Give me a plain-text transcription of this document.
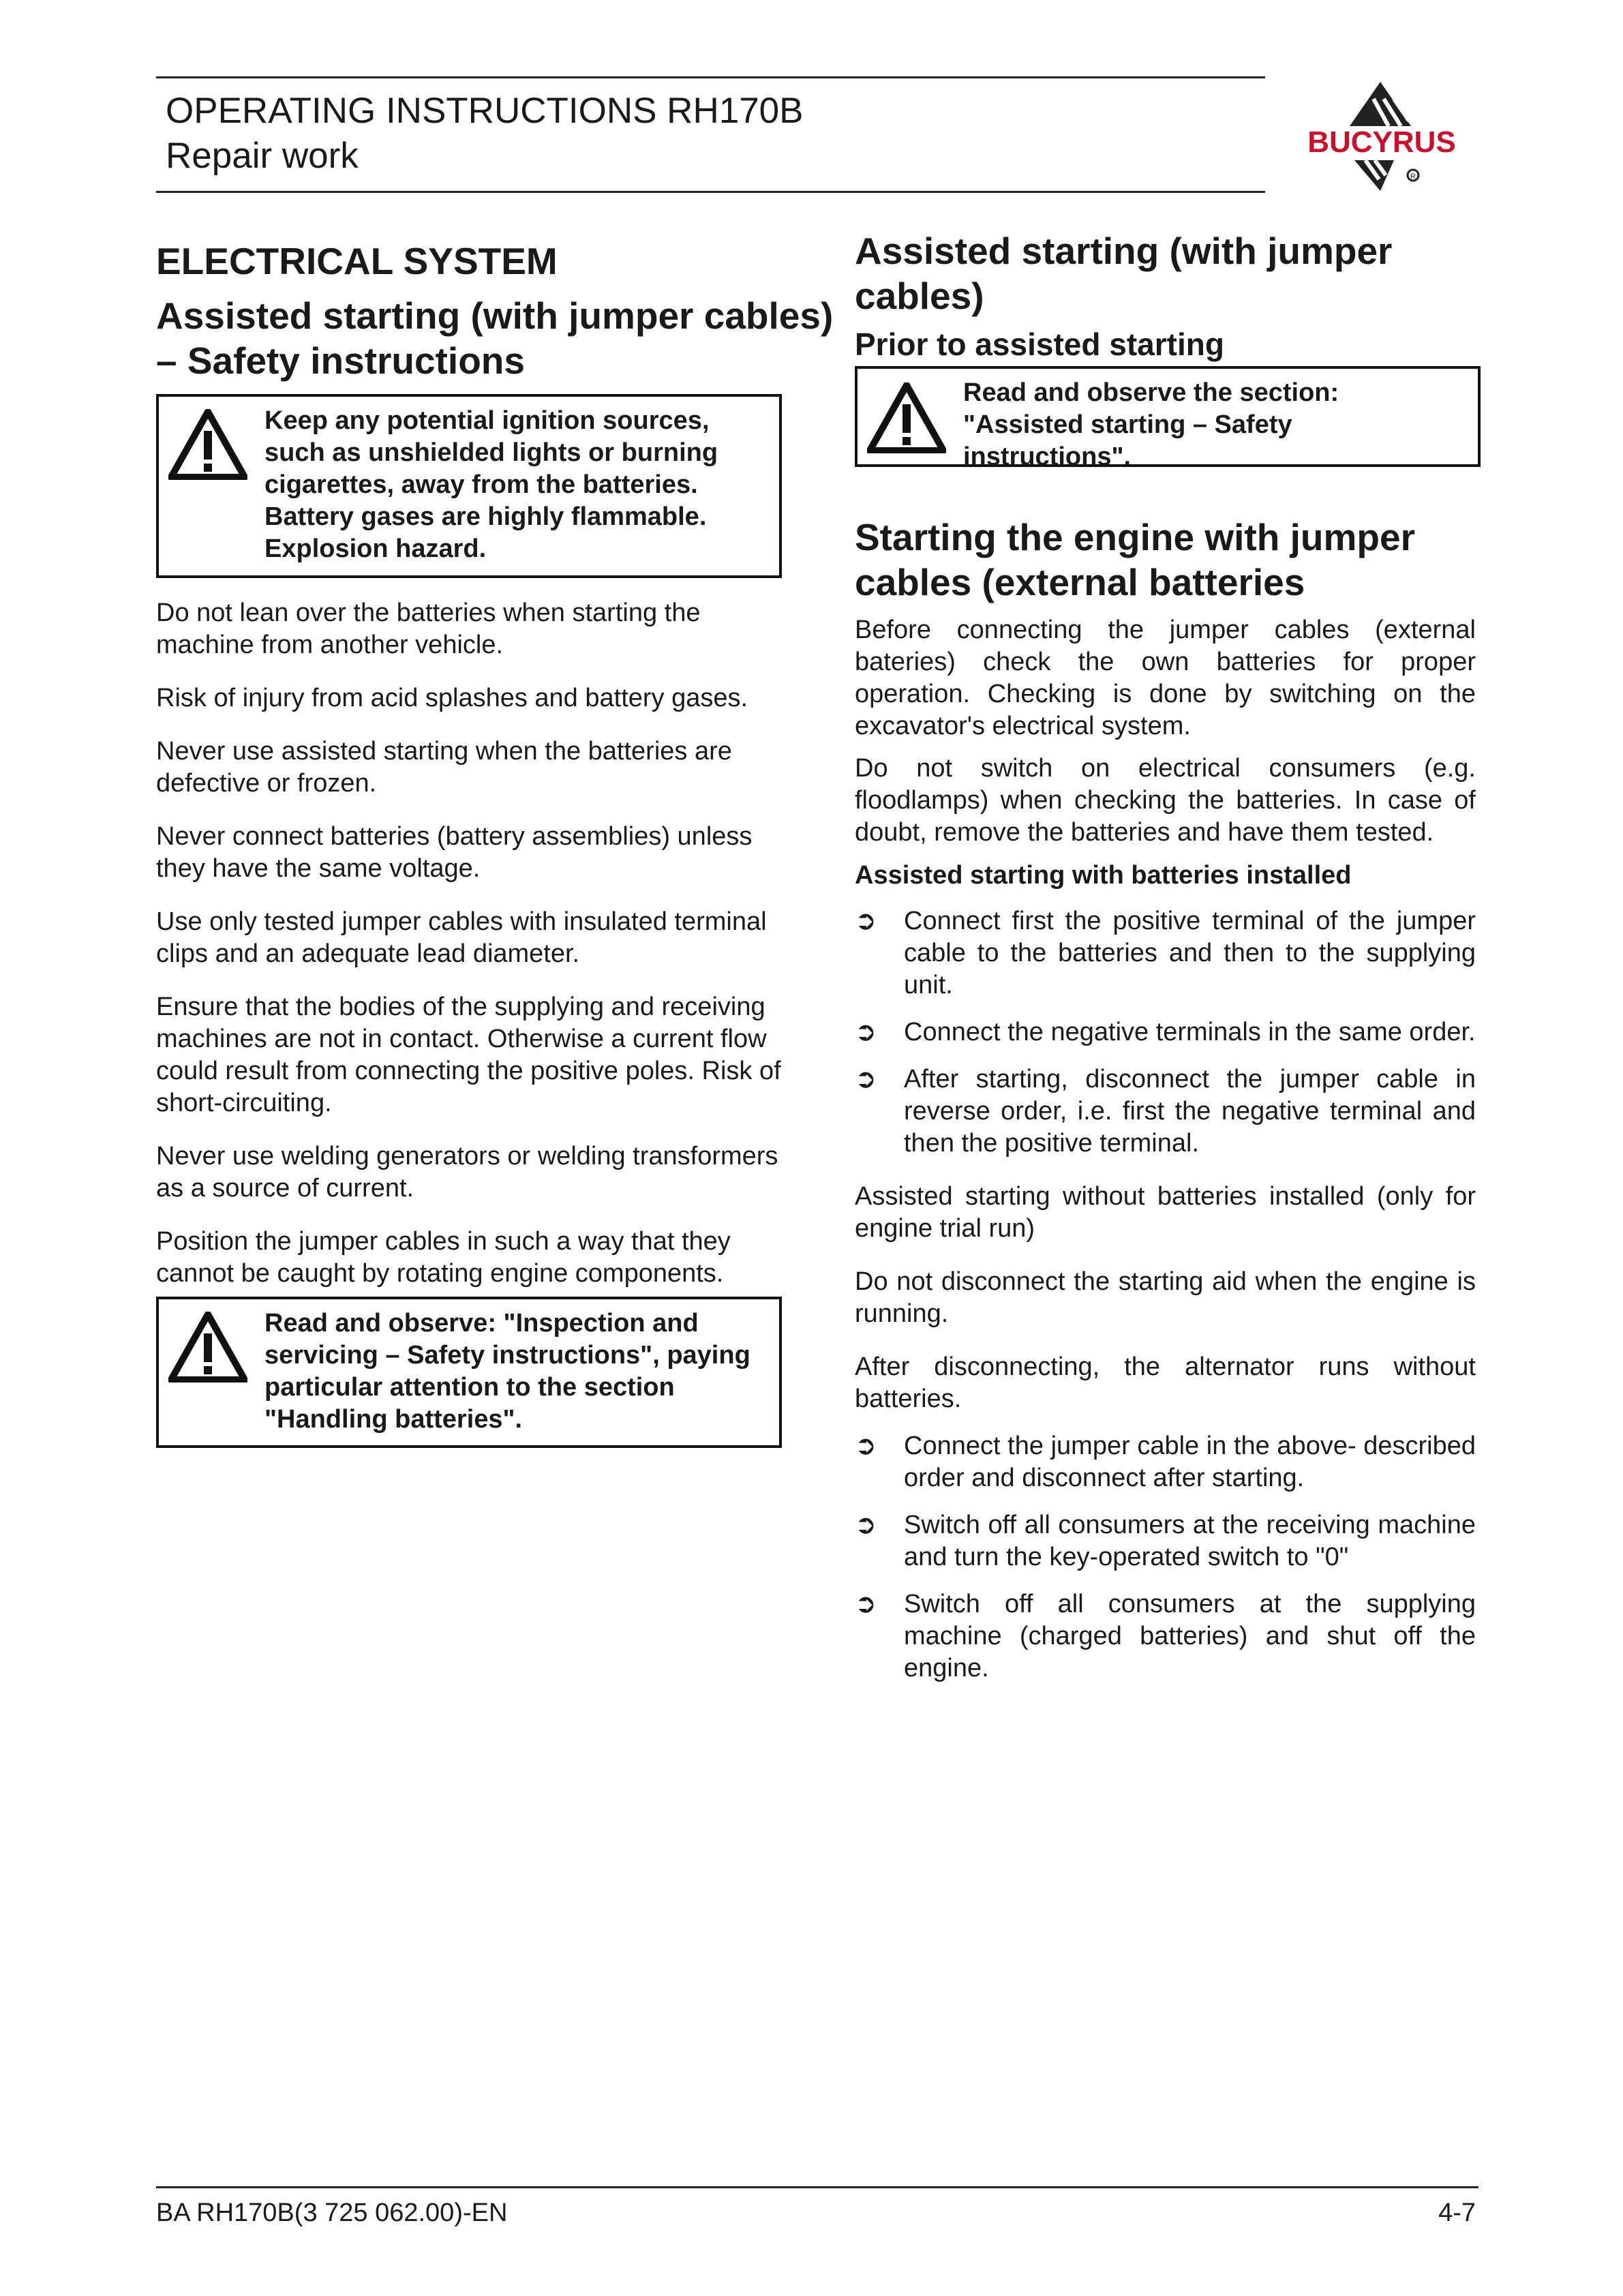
OPERATING INSTRUCTIONS RH170B
Repair work	BUCYRUS
R
ELECTRICAL SYSTEM
Assisted starting (with jumper cables) – Safety instructions
Keep any potential ignition sources, such as unshielded lights or burning cigarettes, away from the batteries. Battery gases are highly flammable. Explosion hazard.

Do not lean over the batteries when starting the machine from another vehicle.

Risk of injury from acid splashes and battery gases.

Never use assisted starting when the batteries are defective or frozen.

Never connect batteries (battery assemblies) unless they have the same voltage.

Use only tested jumper cables with insulated terminal clips and an adequate lead diameter.

Ensure that the bodies of the supplying and receiving machines are not in contact. Otherwise a current flow could result from connecting the positive poles. Risk of short-circuiting.

Never use welding generators or welding transformers as a source of current.

Position the jumper cables in such a way that they cannot be caught by rotating engine components.

Read and observe: "Inspection and servicing – Safety instructions", paying particular attention to the section "Handling batteries".
Assisted starting (with jumper cables)
Prior to assisted starting
Read and observe the section: "Assisted starting – Safety instructions".
Starting the engine with jumper cables (external batteries

Before connecting the jumper cables (external bateries) check the own batteries for proper operation. Checking is done by switching on the excavator's electrical system.

Do not switch on electrical consumers (e.g. floodlamps) when checking the batteries. In case of doubt, remove the batteries and have them tested.

Assisted starting with batteries installed

➲ Connect first the positive terminal of the jumper cable to the batteries and then to the supplying unit.
➲ Connect the negative terminals in the same order.
➲ After starting, disconnect the jumper cable in reverse order, i.e. first the negative terminal and then the positive terminal.

Assisted starting without batteries installed (only for engine trial run)

Do not disconnect the starting aid when the engine is running.

After disconnecting, the alternator runs without batteries.

➲ Connect the jumper cable in the above- described order and disconnect after starting.
➲ Switch off all consumers at the receiving machine and turn the key-operated switch to "0"
➲ Switch off all consumers at the supplying machine (charged batteries) and shut off the engine.
BA RH170B(3 725 062.00)-EN	4-7
